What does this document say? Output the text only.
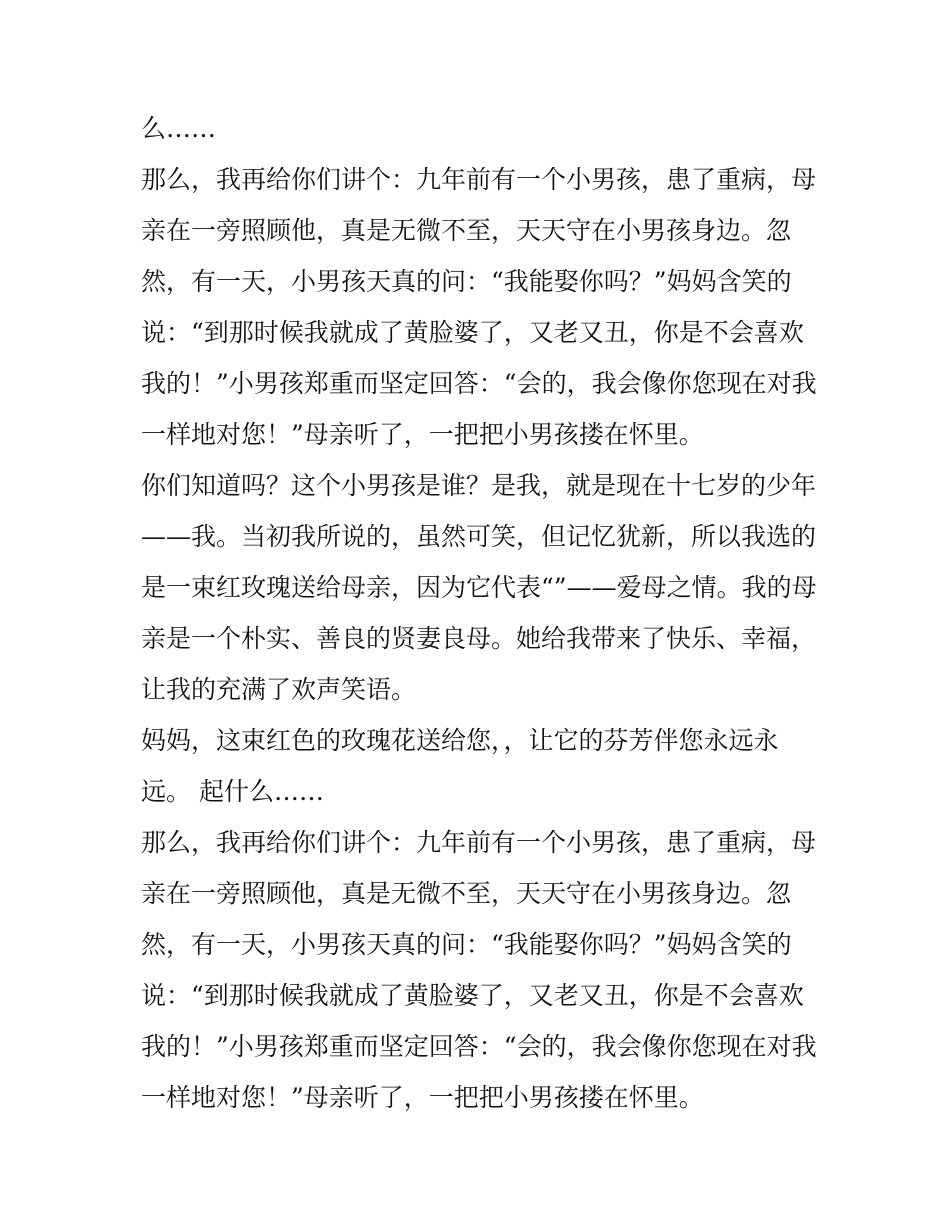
么……
那么，我再给你们讲个：九年前有一个小男孩，患了重病，母
亲在一旁照顾他，真是无微不至，天天守在小男孩身边。忽
然，有一天，小男孩天真的问：“我能娶你吗？”妈妈含笑的
说：“到那时候我就成了黄脸婆了，又老又丑，你是不会喜欢
我的！”小男孩郑重而坚定回答：“会的，我会像你您现在对我
一样地对您！”母亲听了，一把把小男孩搂在怀里。
你们知道吗？这个小男孩是谁？是我，就是现在十七岁的少年
——我。当初我所说的，虽然可笑，但记忆犹新，所以我选的
是一束红玫瑰送给母亲，因为它代表“”——爱母之情。我的母
亲是一个朴实、善良的贤妻良母。她给我带来了快乐、幸福，
让我的充满了欢声笑语。
妈妈，这束红色的玫瑰花送给您，，让它的芬芳伴您永远永
远。 起什么……
那么，我再给你们讲个：九年前有一个小男孩，患了重病，母
亲在一旁照顾他，真是无微不至，天天守在小男孩身边。忽
然，有一天，小男孩天真的问：“我能娶你吗？”妈妈含笑的
说：“到那时候我就成了黄脸婆了，又老又丑，你是不会喜欢
我的！”小男孩郑重而坚定回答：“会的，我会像你您现在对我
一样地对您！”母亲听了，一把把小男孩搂在怀里。
